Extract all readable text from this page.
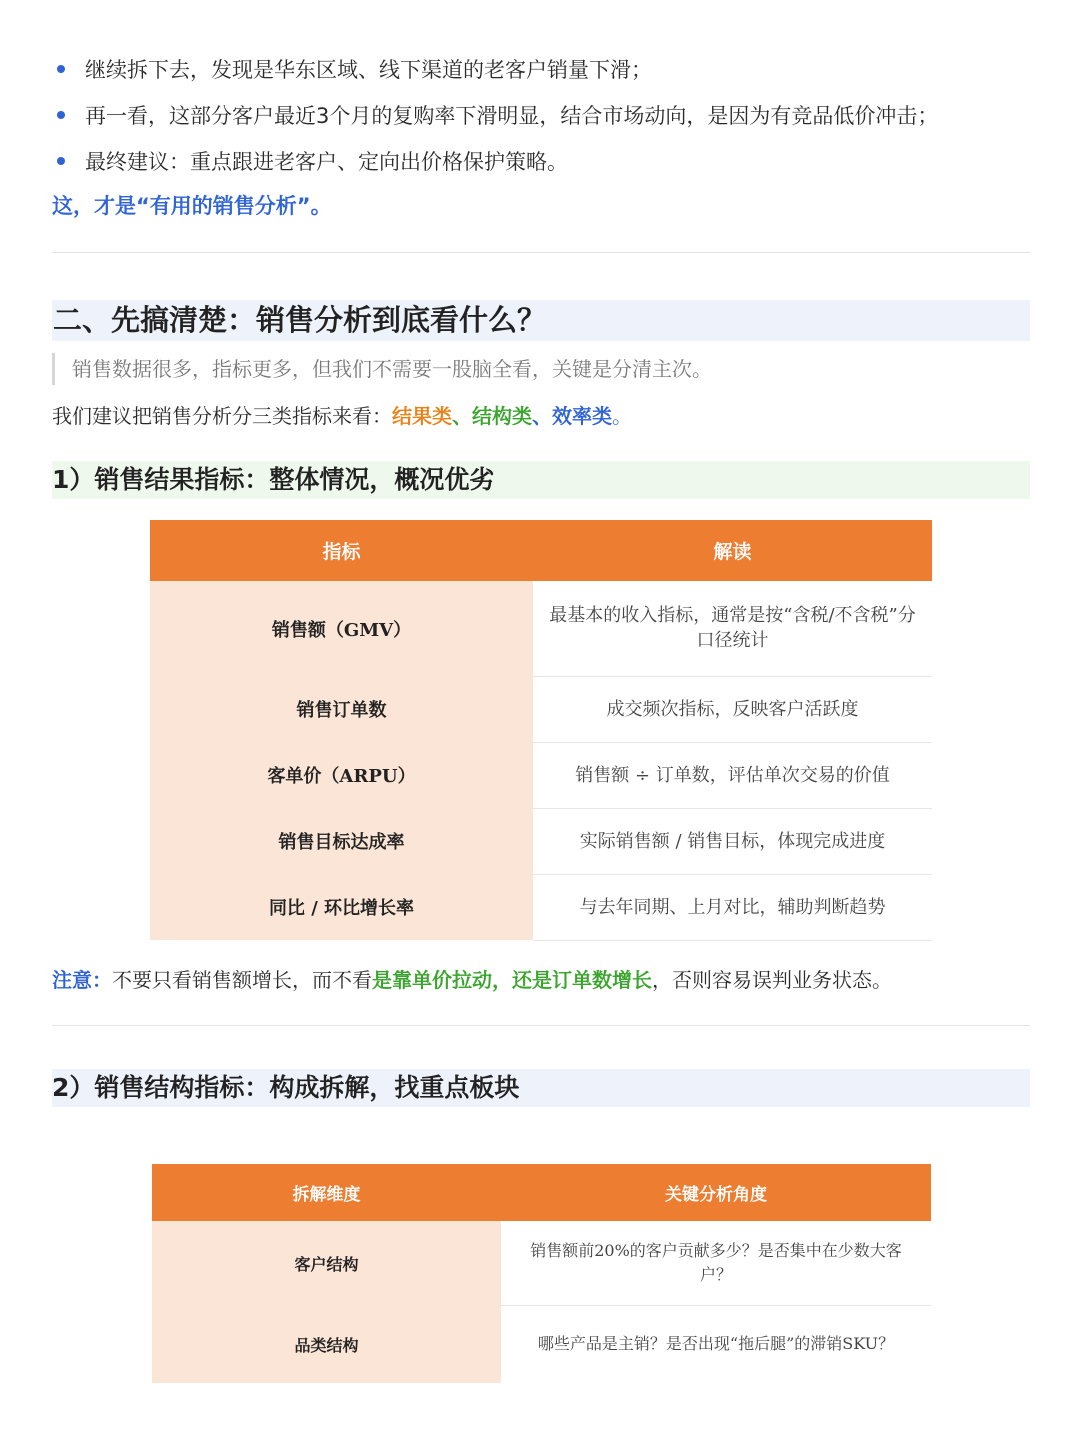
继续拆下去，发现是华东区域、线下渠道的老客户销量下滑；
再一看，这部分客户最近3个月的复购率下滑明显，结合市场动向，是因为有竞品低价冲击；
最终建议：重点跟进老客户、定向出价格保护策略。
这，才是“有用的销售分析”。
二、先搞清楚：销售分析到底看什么？
销售数据很多，指标更多，但我们不需要一股脑全看，关键是分清主次。
我们建议把销售分析分三类指标来看：结果类、结构类、效率类。
1）销售结果指标：整体情况，概况优劣
指标	解读
销售额（GMV）	最基本的收入指标，通常是按“含税/不含税”分口径统计
销售订单数	成交频次指标，反映客户活跃度
客单价（ARPU）	销售额 ÷ 订单数，评估单次交易的价值
销售目标达成率	实际销售额 / 销售目标，体现完成进度
同比 / 环比增长率	与去年同期、上月对比，辅助判断趋势
注意：不要只看销售额增长，而不看是靠单价拉动，还是订单数增长，否则容易误判业务状态。
2）销售结构指标：构成拆解，找重点板块
拆解维度	关键分析角度
客户结构	销售额前20%的客户贡献多少？是否集中在少数大客户？
品类结构	哪些产品是主销？是否出现“拖后腿”的滞销SKU？
